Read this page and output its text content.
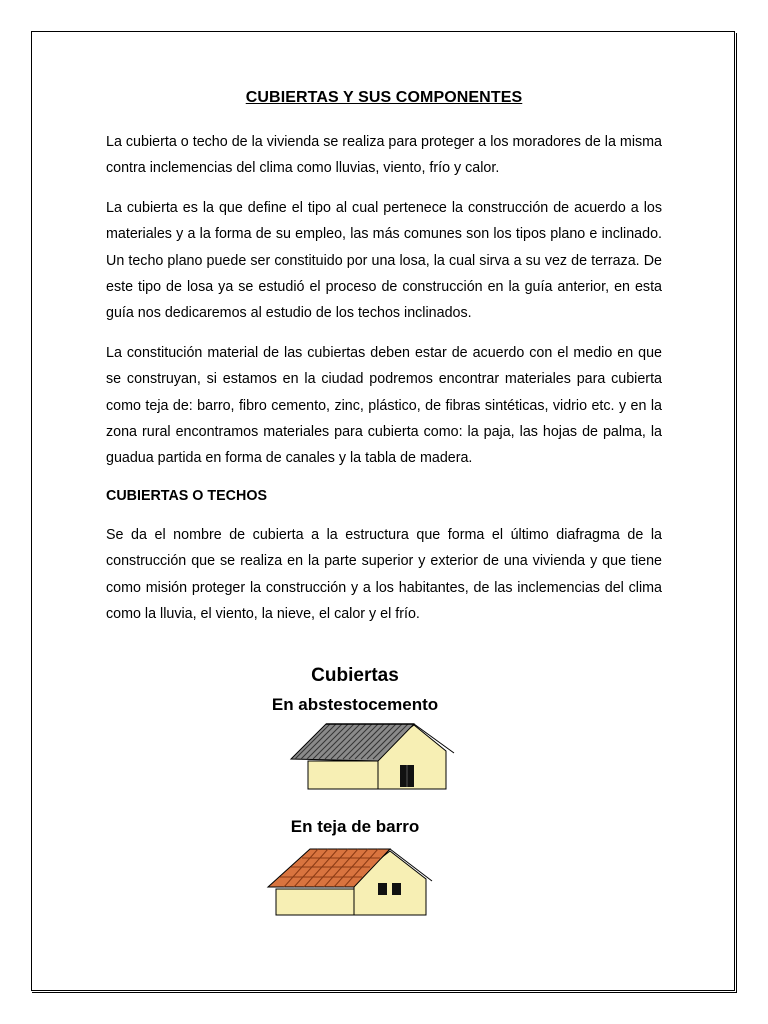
CUBIERTAS Y SUS COMPONENTES

La cubierta o techo de la vivienda se realiza para proteger a los moradores de la misma contra inclemencias del clima como lluvias, viento, frío y calor.

La cubierta es la que define el tipo al cual pertenece la construcción de acuerdo a los materiales y a la forma de su empleo, las más comunes son los tipos plano e inclinado. Un techo plano puede ser constituido por una losa, la cual sirva a su vez de terraza. De este tipo de losa ya se estudió el proceso de construcción en la guía anterior, en esta guía nos dedicaremos al estudio de los techos inclinados.

La constitución material de las cubiertas deben estar de acuerdo con el medio en que se construyan, si estamos en la ciudad podremos encontrar materiales para cubierta como teja de: barro, fibro cemento, zinc, plástico, de fibras sintéticas, vidrio etc. y en la zona rural encontramos materiales para cubierta como: la paja, las hojas de palma, la guadua partida en forma de canales y la tabla de madera.

CUBIERTAS O TECHOS

Se da el nombre de cubierta a la estructura que forma el último diafragma de la construcción que se realiza en la parte superior y exterior de una vivienda y que tiene como misión proteger la construcción y a los habitantes, de las inclemencias del clima como la lluvia, el viento, la nieve, el calor y el frío.

Cubiertas
En abstestocemento
En teja de barro
